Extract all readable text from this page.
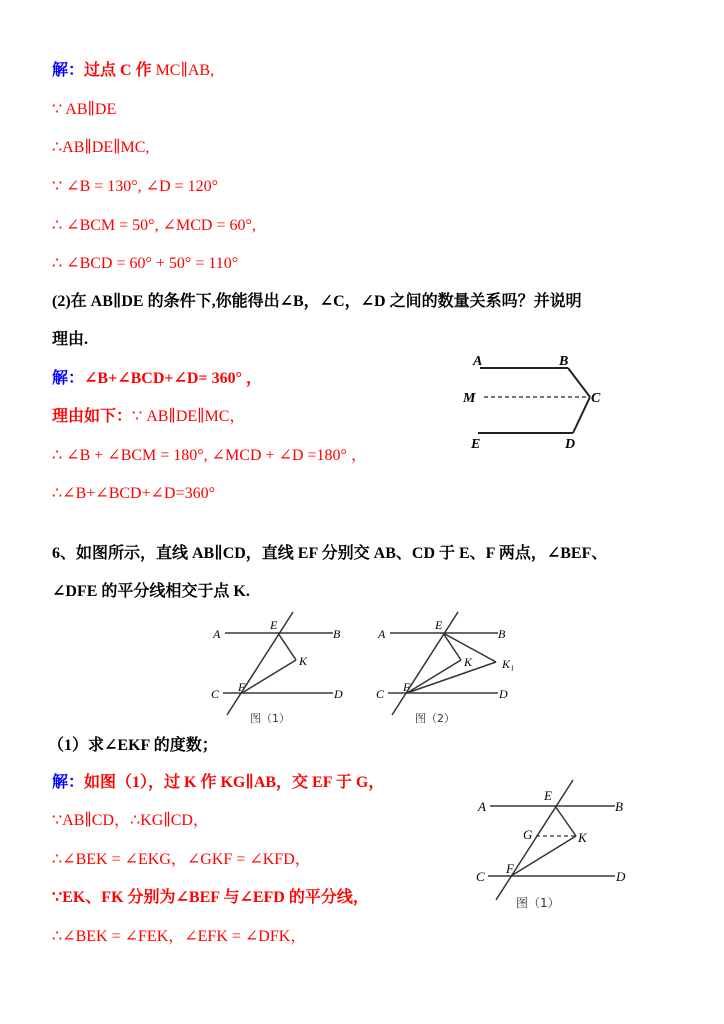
解：过点 C 作 MC∥AB,
∵ AB∥DE
∴AB∥DE∥MC,
∵ ∠B = 130°, ∠D = 120°
∴ ∠BCM = 50°, ∠MCD = 60°,
∴ ∠BCD = 60° + 50° = 110°
(2)在 AB∥DE 的条件下,你能得出∠B，∠C，∠D 之间的数量关系吗？并说明
理由.
解：∠B+∠BCD+∠D= 360° ，
理由如下：∵ AB∥DE∥MC，
∴ ∠B + ∠BCM = 180°, ∠MCD + ∠D =180° ，
∴∠B+∠BCD+∠D=360°
A	B
M	C
E	D
6、如图所示，直线 AB∥CD，直线 EF 分别交 AB、CD 于 E、F 两点，∠BEF、
∠DFE 的平分线相交于点 K.
A
E
B
K
F
C	D
图（1）
A
E
B
K K₁
F
C	D
图（2）
（1）求∠EKF 的度数；
解：如图（1），过 K 作 KG∥AB，交 EF 于 G，
∵AB∥CD，∴KG∥CD，
∴∠BEK = ∠EKG，∠GKF = ∠KFD，
∵EK、FK 分别为∠BEF 与∠EFD 的平分线，
∴∠BEK = ∠FEK，∠EFK = ∠DFK，
A
E
B
G	K
F
C	D
图（1）
